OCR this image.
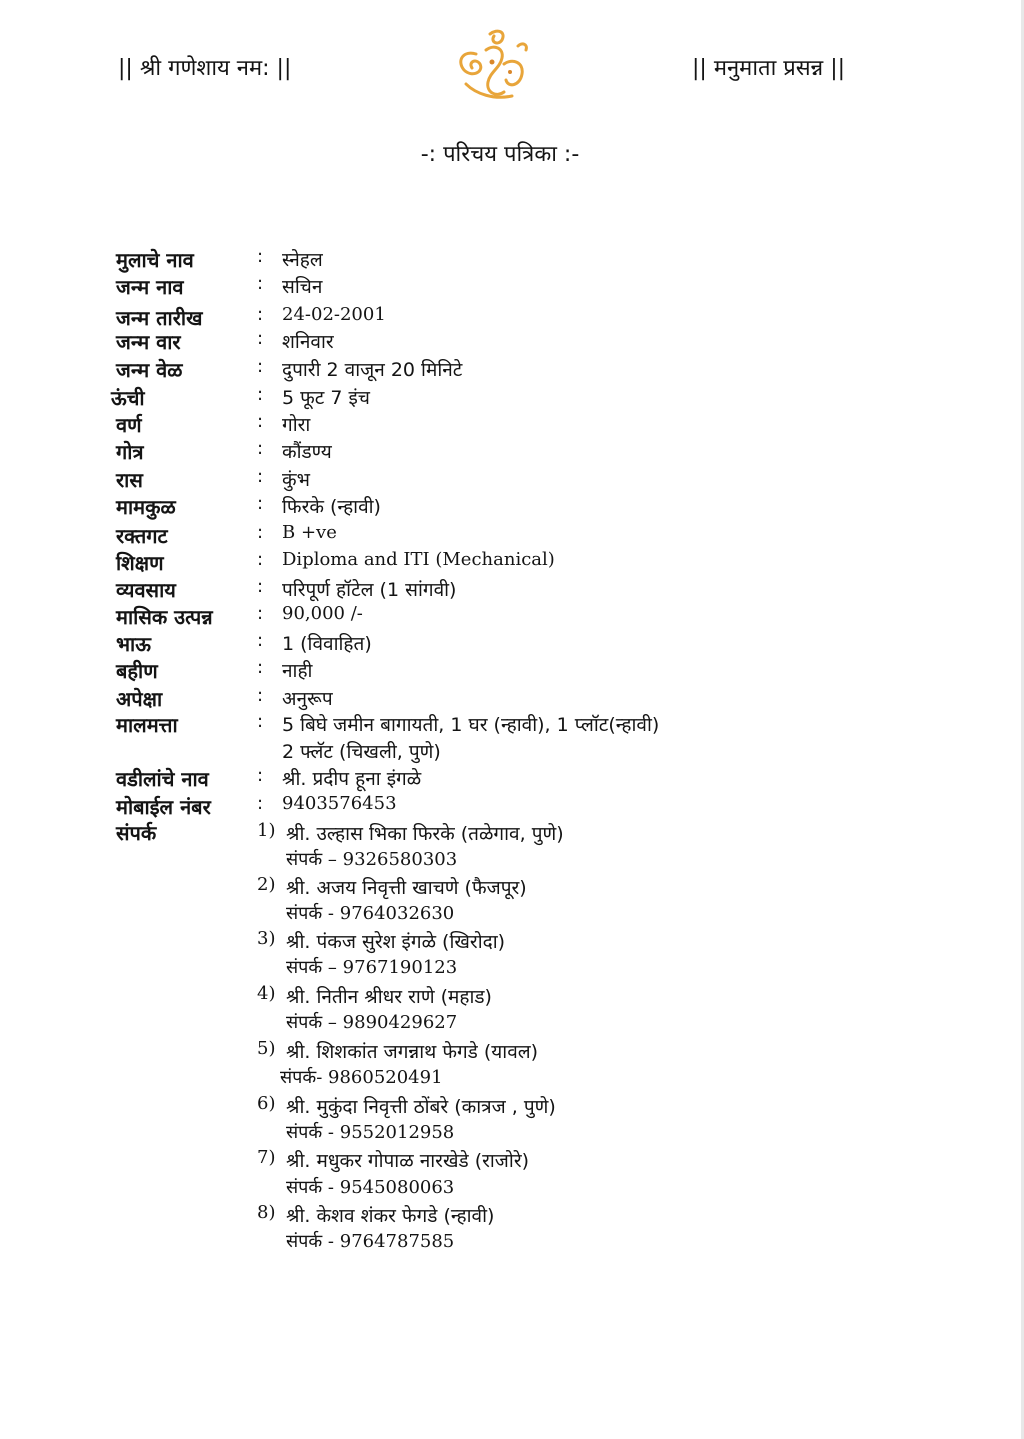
|| श्री गणेशाय नम: ||	|| मनुमाता प्रसन्न ||
-: परिचय पत्रिका :-
मुलाचे नाव	: स्नेहल
जन्म नाव	: सचिन
जन्म तारीख	: 24-02-2001
जन्म वार	: शनिवार
जन्म वेळ	: दुपारी 2 वाजून 20 मिनिटे
ऊंची	: 5 फूट 7 इंच
वर्ण	: गोरा
गोत्र	: कौंडण्य
रास	: कुंभ
मामकुळ	: फिरके (न्हावी)
रक्तगट	: B +ve
शिक्षण	: Diploma and ITI (Mechanical)
व्यवसाय	: परिपूर्ण हॉटेल (1 सांगवी)
मासिक उत्पन्न	: 90,000 /-
भाऊ	: 1 (विवाहित)
बहीण	: नाही
अपेक्षा	: अनुरूप
मालमत्ता	: 5 बिघे जमीन बागायती, 1 घर (न्हावी), 1 प्लॉट(न्हावी)
2 फ्लॅट (चिखली, पुणे)
वडीलांचे नाव	: श्री. प्रदीप हूना इंगळे
मोबाईल नंबर	: 9403576453
संपर्क	1) श्री. उल्हास भिका फिरके (तळेगाव, पुणे)
संपर्क – 9326580303
2) श्री. अजय निवृत्ती खाचणे (फैजपूर)
संपर्क - 9764032630
3) श्री. पंकज सुरेश इंगळे (खिरोदा)
संपर्क – 9767190123
4) श्री. नितीन श्रीधर राणे (महाड)
संपर्क – 9890429627
5) श्री. शिशकांत जगन्नाथ फेगडे (यावल)
संपर्क- 9860520491
6) श्री. मुकुंदा निवृत्ती ठोंबरे (कात्रज , पुणे)
संपर्क - 9552012958
7) श्री. मधुकर गोपाळ नारखेडे (राजोरे)
संपर्क - 9545080063
8) श्री. केशव शंकर फेगडे (न्हावी)
संपर्क - 9764787585
